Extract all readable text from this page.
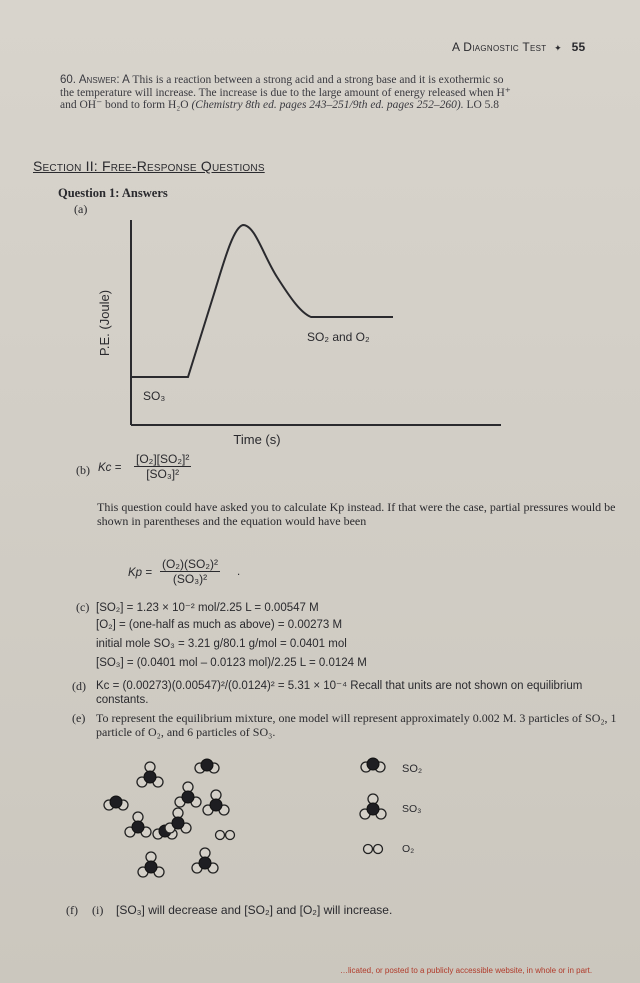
A Diagnostic Test ✦ 55
60. Answer: A This is a reaction between a strong acid and a strong base and it is exothermic so the temperature will increase. The increase is due to the large amount of energy released when H⁺ and OH⁻ bond to form H₂O (Chemistry 8th ed. pages 243–251/9th ed. pages 252–260). LO 5.8
Section II: Free-Response Questions
Question 1: Answers
(a)
P.E. (Joule)
Time (s)
SO₃
SO₂ and O₂
(b) $Kc = \frac{\text{[O₂][SO₂]²}}{\text{[SO₃]²}}$
This question could have asked you to calculate Kp instead. If that were the case, partial pressures would be shown in parentheses and the equation would have been
$Kp = \frac{\text{(O₂)(SO₂)²}}{\text{(SO₃)²}}$ .
(c) [SO₂] = 1.23 × 10⁻² mol/2.25 L = 0.00547 M
[O₂] = (one-half as much as above) = 0.00273 M
initial mole SO₃ = 3.21 g/80.1 g/mol = 0.0401 mol
[SO₃] = (0.0401 mol – 0.0123 mol)/2.25 L = 0.0124 M
(d) Kc = (0.00273)(0.00547)²/(0.0124)² = 5.31 × 10⁻⁴ Recall that units are not shown on equilibrium constants.
(e) To represent the equilibrium mixture, one model will represent approximately 0.002 M. 3 particles of SO₂, 1 particle of O₂, and 6 particles of SO₃.
SO₂
SO₃
O₂
(f) (i) [SO₃] will decrease and [SO₂] and [O₂] will increase.
…licated, or posted to a publicly accessible website, in whole or in part.
